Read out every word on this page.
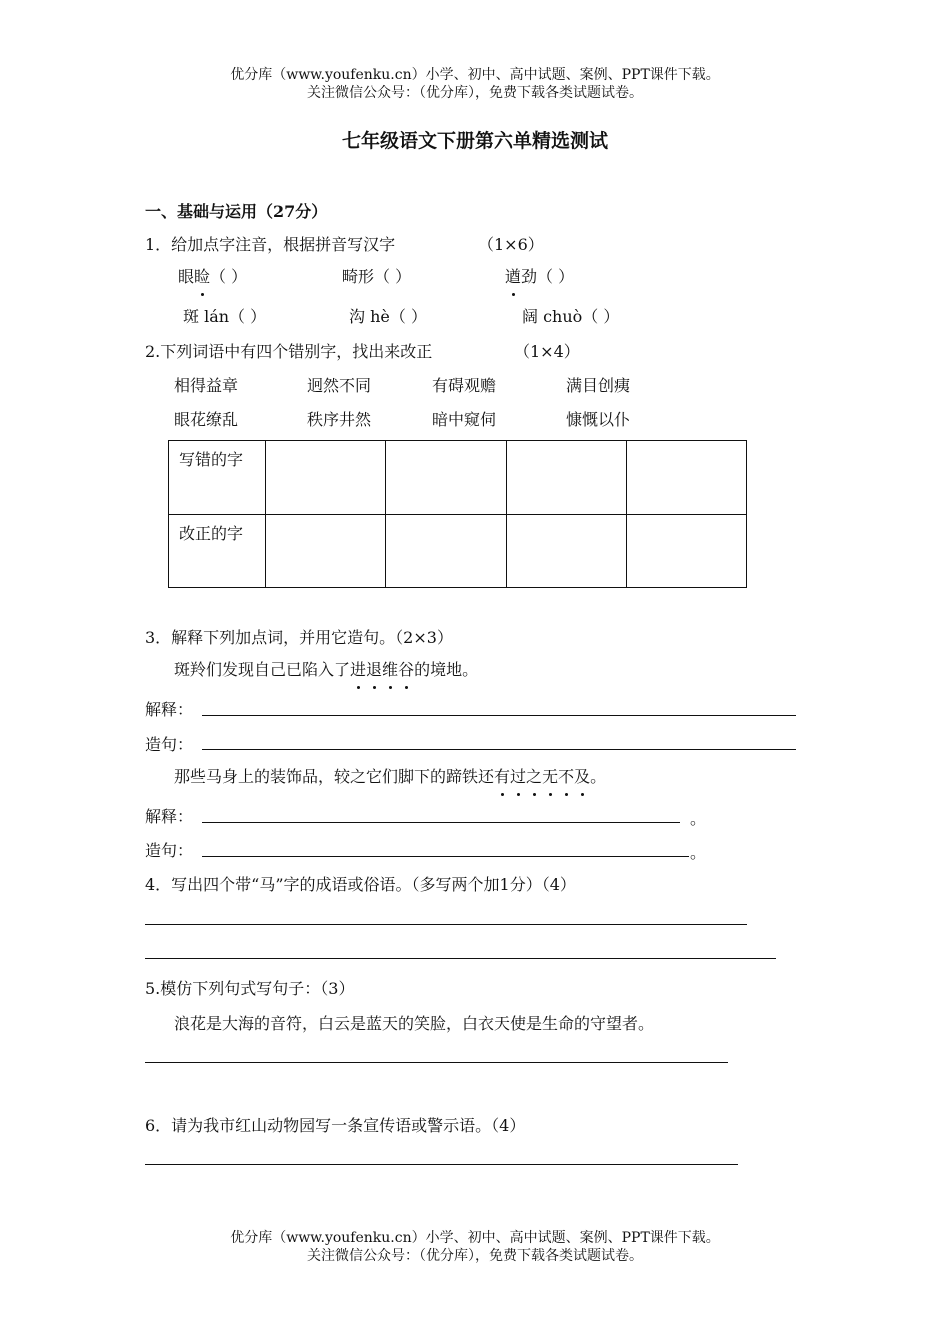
优分库（www.youfenku.cn）小学、初中、高中试题、案例、PPT课件下载。
关注微信公众号：（优分库），免费下载各类试题试卷。
七年级语文下册第六单精选测试
一、基础与运用（27分）
1．给加点字注音，根据拼音写汉字	（1×6）
眼睑（ ）	畸形（ ）	遒劲（ ）
斑 lán（ ）	沟 hè（ ）	阔 chuò（ ）
2.下列词语中有四个错别字，找出来改正	（1×4）
相得益章	迥然不同	有碍观赡	满目创痍
眼花缭乱	秩序井然	暗中窥伺	慷慨以仆
写错的字				
改正的字				
3．解释下列加点词，并用它造句。（2×3）
斑羚们发现自己已陷入了进退维谷的境地。
解释：
造句：
那些马身上的装饰品，较之它们脚下的蹄铁还有过之无不及。
解释：	。
造句：	。
4．写出四个带“马”字的成语或俗语。（多写两个加1分）（4）
5.模仿下列句式写句子：（3）
浪花是大海的音符，白云是蓝天的笑脸，白衣天使是生命的守望者。
6．请为我市红山动物园写一条宣传语或警示语。（4）
优分库（www.youfenku.cn）小学、初中、高中试题、案例、PPT课件下载。
关注微信公众号：（优分库），免费下载各类试题试卷。
